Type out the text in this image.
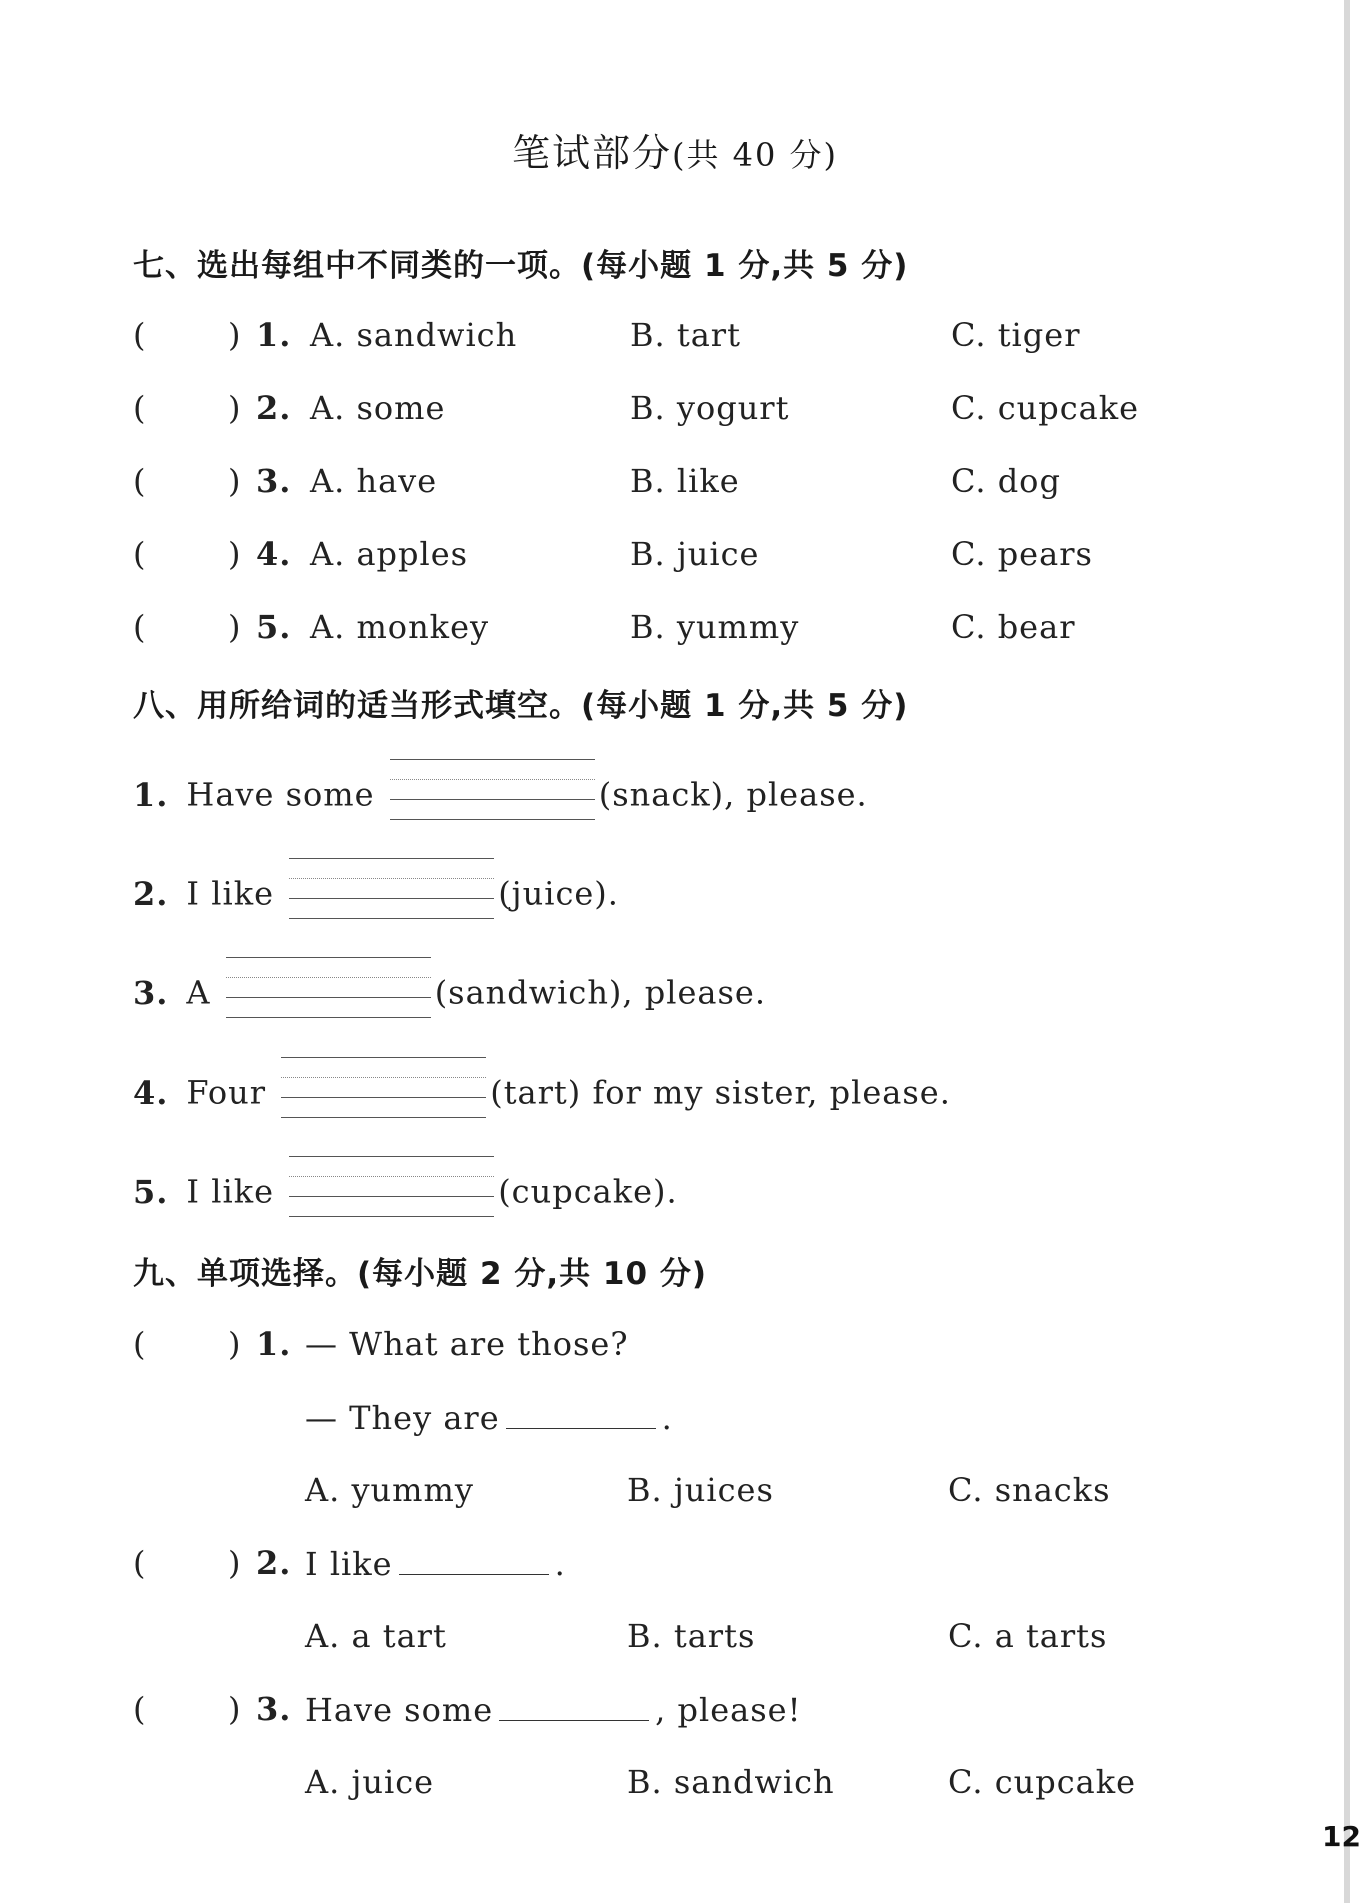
笔试部分(共 40 分)
七、选出每组中不同类的一项。(每小题 1 分,共 5 分)
(	) 1. A. sandwich	B. tart	C. tiger
(	) 2. A. some	B. yogurt	C. cupcake
(	) 3. A. have	B. like	C. dog
(	) 4. A. apples	B. juice	C. pears
(	) 5. A. monkey	B. yummy	C. bear
八、用所给词的适当形式填空。(每小题 1 分,共 5 分)
1. Have some	(snack), please.
2. I like	(juice).
3. A	(sandwich), please.
4. Four	(tart) for my sister, please.
5. I like	(cupcake).
九、单项选择。(每小题 2 分,共 10 分)
(	) 1. — What are those?
— They are	.
A. yummy	B. juices	C. snacks
(	) 2. I like	.
A. a tart	B. tarts	C. a tarts
(	) 3. Have some	, please!
A. juice	B. sandwich	C. cupcake
12
